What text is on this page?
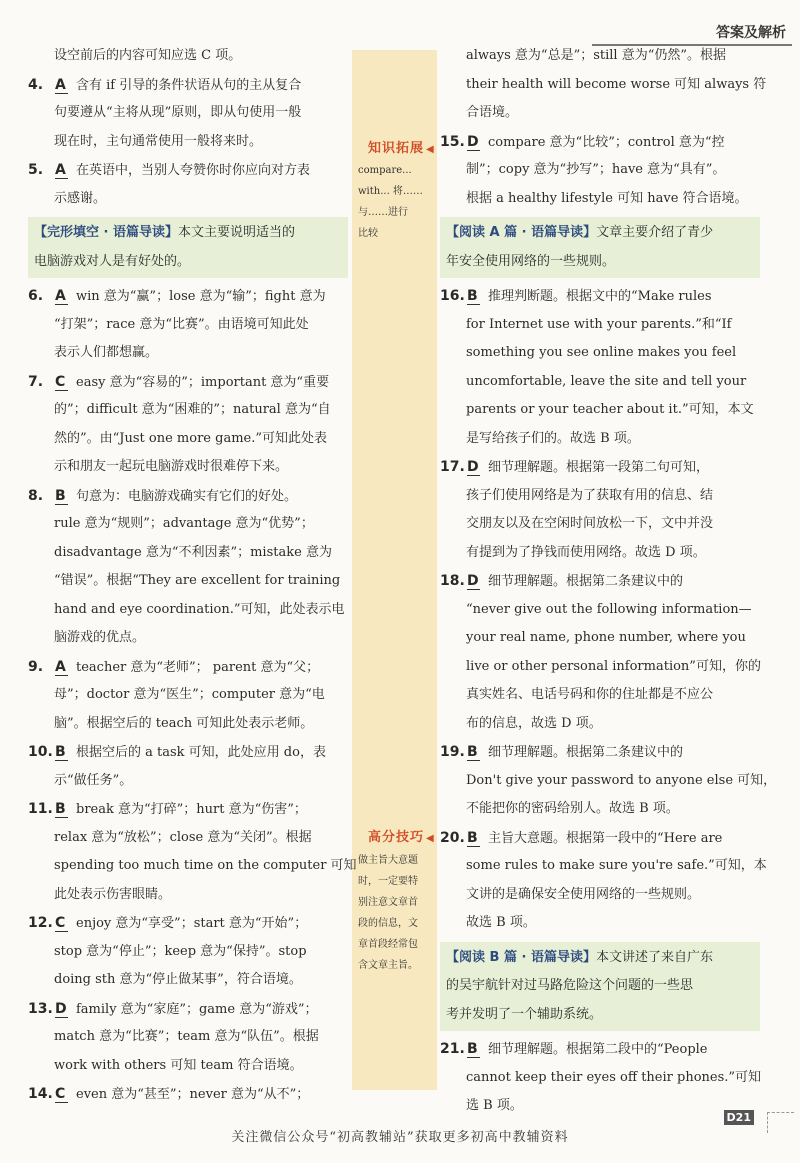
答案及解析
知识拓展 ◀
compare...
with... 将……
与……进行
比较
高分技巧 ◀
做主旨大意题
时，一定要特
别注意文章首
段的信息，文
章首段经常包
含文章主旨。
设空前后的内容可知应选 C 项。
4. A 含有 if 引导的条件状语从句的主从复合
句要遵从“主将从现”原则，即从句使用一般
现在时，主句通常使用一般将来时。
5. A 在英语中，当别人夸赞你时你应向对方表
示感谢。
【完形填空 · 语篇导读】本文主要说明适当的
电脑游戏对人是有好处的。
6. A win 意为“赢”；lose 意为“输”；fight 意为
“打架”；race 意为“比赛”。由语境可知此处
表示人们都想赢。
7. C easy 意为“容易的”；important 意为“重要
的”；difficult 意为“困难的”；natural 意为“自
然的”。由“Just one more game.”可知此处表
示和朋友一起玩电脑游戏时很难停下来。
8. B 句意为：电脑游戏确实有它们的好处。
rule 意为“规则”；advantage 意为“优势”；
disadvantage 意为“不利因素”；mistake 意为
“错误”。根据“They are excellent for training
hand and eye coordination.”可知，此处表示电
脑游戏的优点。
9. A teacher 意为“老师”； parent 意为“父；
母”；doctor 意为“医生”；computer 意为“电
脑”。根据空后的 teach 可知此处表示老师。
10. B 根据空后的 a task 可知，此处应用 do，表
示“做任务”。
11. B break 意为“打碎”；hurt 意为“伤害”；
relax 意为“放松”；close 意为“关闭”。根据
spending too much time on the computer 可知
此处表示伤害眼睛。
12. C enjoy 意为“享受”；start 意为“开始”；
stop 意为“停止”；keep 意为“保持”。stop
doing sth 意为“停止做某事”，符合语境。
13. D family 意为“家庭”；game 意为“游戏”；
match 意为“比赛”；team 意为“队伍”。根据
work with others 可知 team 符合语境。
14. C even 意为“甚至”；never 意为“从不”；
always 意为“总是”；still 意为“仍然”。根据
their health will become worse 可知 always 符
合语境。
15. D compare 意为“比较”；control 意为“控
制”；copy 意为“抄写”；have 意为“具有”。
根据 a healthy lifestyle 可知 have 符合语境。
【阅读 A 篇 · 语篇导读】文章主要介绍了青少
年安全使用网络的一些规则。
16. B 推理判断题。根据文中的“Make rules
for Internet use with your parents.”和“If
something you see online makes you feel
uncomfortable, leave the site and tell your
parents or your teacher about it.”可知，本文
是写给孩子们的。故选 B 项。
17. D 细节理解题。根据第一段第二句可知，
孩子们使用网络是为了获取有用的信息、结
交朋友以及在空闲时间放松一下，文中并没
有提到为了挣钱而使用网络。故选 D 项。
18. D 细节理解题。根据第二条建议中的
“never give out the following information—
your real name, phone number, where you
live or other personal information”可知，你的
真实姓名、电话号码和你的住址都是不应公
布的信息，故选 D 项。
19. B 细节理解题。根据第二条建议中的
Don't give your password to anyone else 可知，
不能把你的密码给别人。故选 B 项。
20. B 主旨大意题。根据第一段中的“Here are
some rules to make sure you're safe.”可知，本
文讲的是确保安全使用网络的一些规则。
故选 B 项。
【阅读 B 篇 · 语篇导读】本文讲述了来自广东
的吴宇航针对过马路危险这个问题的一些思
考并发明了一个辅助系统。
21. B 细节理解题。根据第二段中的“People
cannot keep their eyes off their phones.”可知
选 B 项。
D21
关注微信公众号“初高教辅站”获取更多初高中教辅资料
